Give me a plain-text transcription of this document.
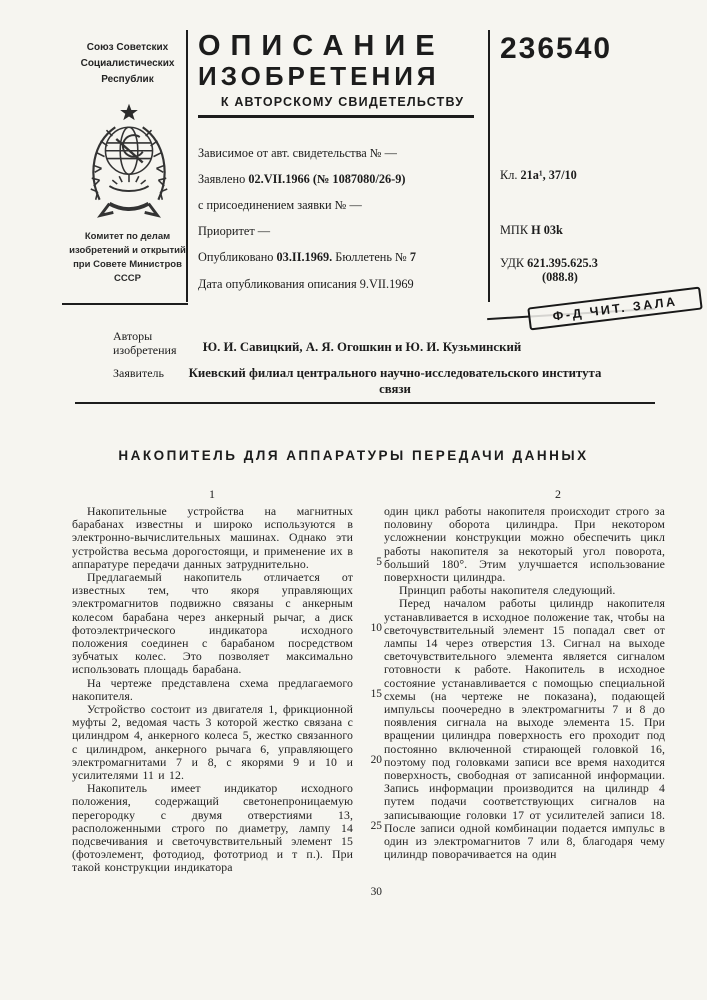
Союз Советских
Социалистических
Республик
Комитет по делам
изобретений и открытий
при Совете Министров
СССР
ОПИСАНИЕ
ИЗОБРЕТЕНИЯ
К АВТОРСКОМУ СВИДЕТЕЛЬСТВУ
236540
Зависимое от авт. свидетельства № —
Заявлено 02.VII.1966 (№ 1087080/26-9)
с присоединением заявки № —
Приоритет —
Опубликовано 03.II.1969. Бюллетень № 7
Дата опубликования описания 9.VII.1969
Кл. 21а¹, 37/10
МПК Н 03k
УДК 621.395.625.3
(088.8)
Ф-Д ЧИТ. ЗАЛА
Авторы изобретения	Ю. И. Савицкий, А. Я. Огошкин и Ю. И. Кузьминский
Заявитель	Киевский филиал центрального научно-исследовательского института
связи
НАКОПИТЕЛЬ ДЛЯ АППАРАТУРЫ ПЕРЕДАЧИ ДАННЫХ
1	2

Накопительные устройства на магнитных барабанах известны и широко используются в электронно-вычислительных машинах. Однако эти устройства весьма дорогостоящи, и применение их в аппаратуре передачи данных затруднительно.

Предлагаемый накопитель отличается от известных тем, что якоря управляющих электромагнитов подвижно связаны с анкерным колесом барабана через анкерный рычаг, а диск фотоэлектрического индикатора исходного положения соединен с барабаном посредством зубчатых колес. Это позволяет максимально использовать площадь барабана.

На чертеже представлена схема предлагаемого накопителя.

Устройство состоит из двигателя 1, фрикционной муфты 2, ведомая часть 3 которой жестко связана с цилиндром 4, анкерного колеса 5, жестко связанного с цилиндром, анкерного рычага 6, управляющего электромагнитами 7 и 8, с якорями 9 и 10 и усилителями 11 и 12.

Накопитель имеет индикатор исходного положения, содержащий светонепроницаемую перегородку с двумя отверстиями 13, расположенными строго по диаметру, лампу 14 подсвечивания и светочувствительный элемент 15 (фотоэлемент, фотодиод, фототриод и т п.). При такой конструкции индикатора

5

10

15

20

25

30

один цикл работы накопителя происходит строго за половину оборота цилиндра. При некотором усложнении конструкции можно обеспечить цикл работы накопителя за некоторый угол поворота, больший 180°. Этим улучшается использование поверхности цилиндра.

Принцип работы накопителя следующий.

Перед началом работы цилиндр накопителя устанавливается в исходное положение так, чтобы на светочувствительный элемент 15 попадал свет от лампы 14 через отверстия 13. Сигнал на выходе светочувствительного элемента является сигналом готовности к работе. Накопитель в исходное состояние устанавливается с помощью специальной схемы (на чертеже не показана), подающей импульсы поочередно в электромагниты 7 и 8 до появления сигнала на выходе элемента 15. При вращении цилиндра поверхность его проходит под постоянно включенной стирающей головкой 16, поэтому под головками записи все время находится поверхность, свободная от записанной информации. Запись информации производится на цилиндр 4 путем подачи соответствующих сигналов на записывающие головки 17 от усилителей записи 18. После записи одной комбинации подается импульс в один из электромагнитов 7 или 8, благодаря чему цилиндр поворачивается на один
